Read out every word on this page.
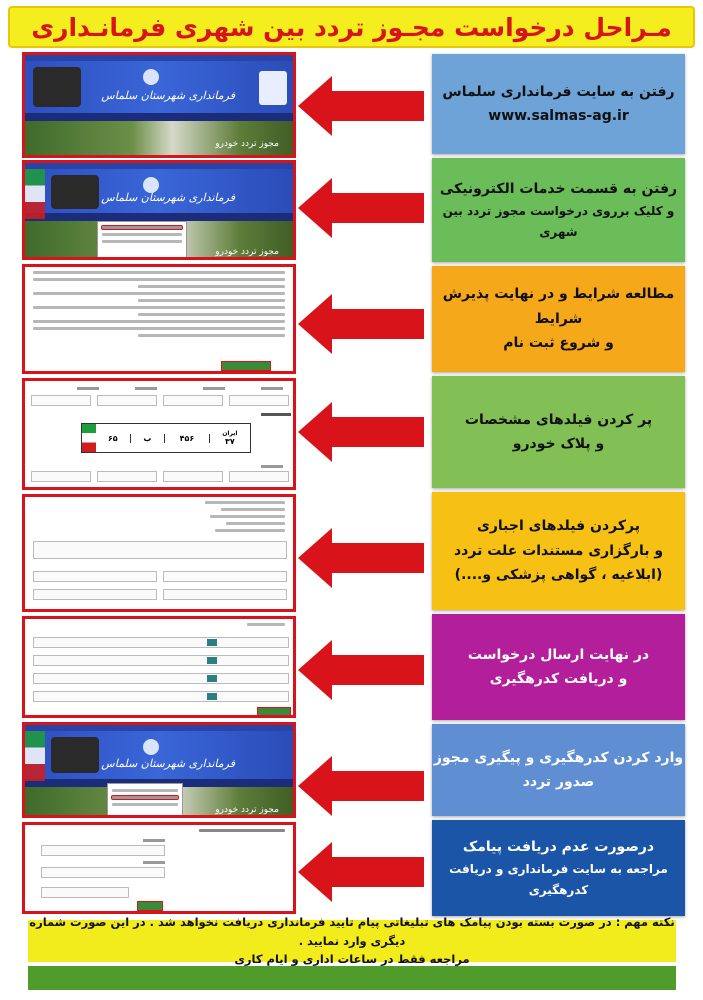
مـراحل درخواست مجـوز تردد بین شهری فرمانـداری
فرمانداری شهرستان سلماس
مجوز تردد خودرو
فرمانداری شهرستان سلماس
مجوز تردد خودرو
۶۵	ب	۴۵۶
ایران
۳۷
فرمانداری شهرستان سلماس
مجوز تردد خودرو
رفتن به سایت فرمانداری سلماس
www.salmas-ag.ir
رفتن به قسمت خدمات الکترونیکی
و کلیک برروی درخواست مجوز تردد بین شهری
مطالعه شرایط و در نهایت پذیرش شرایط
و شروع ثبت نام
پر کردن فیلدهای مشخصات
و پلاک خودرو
پرکردن فیلدهای اجباری
و بارگزاری مستندات علت تردد
(ابلاغیه ، گواهی پزشکی و....)
در نهایت ارسال درخواست
و دریافت کدرهگیری
وارد کردن کدرهگیری و پیگیری مجوز
صدور تردد
درصورت عدم دریافت پیامک
مراجعه به سایت فرمانداری و دریافت کدرهگیری
نکته مهم : در صورت بسته بودن پیامک های تبلیغاتی پیام تایید فرمانداری دریافت نخواهد شد . در این صورت شماره دیگری وارد نمایید .
مراجعه فقط در ساعات اداری و ایام کاری
